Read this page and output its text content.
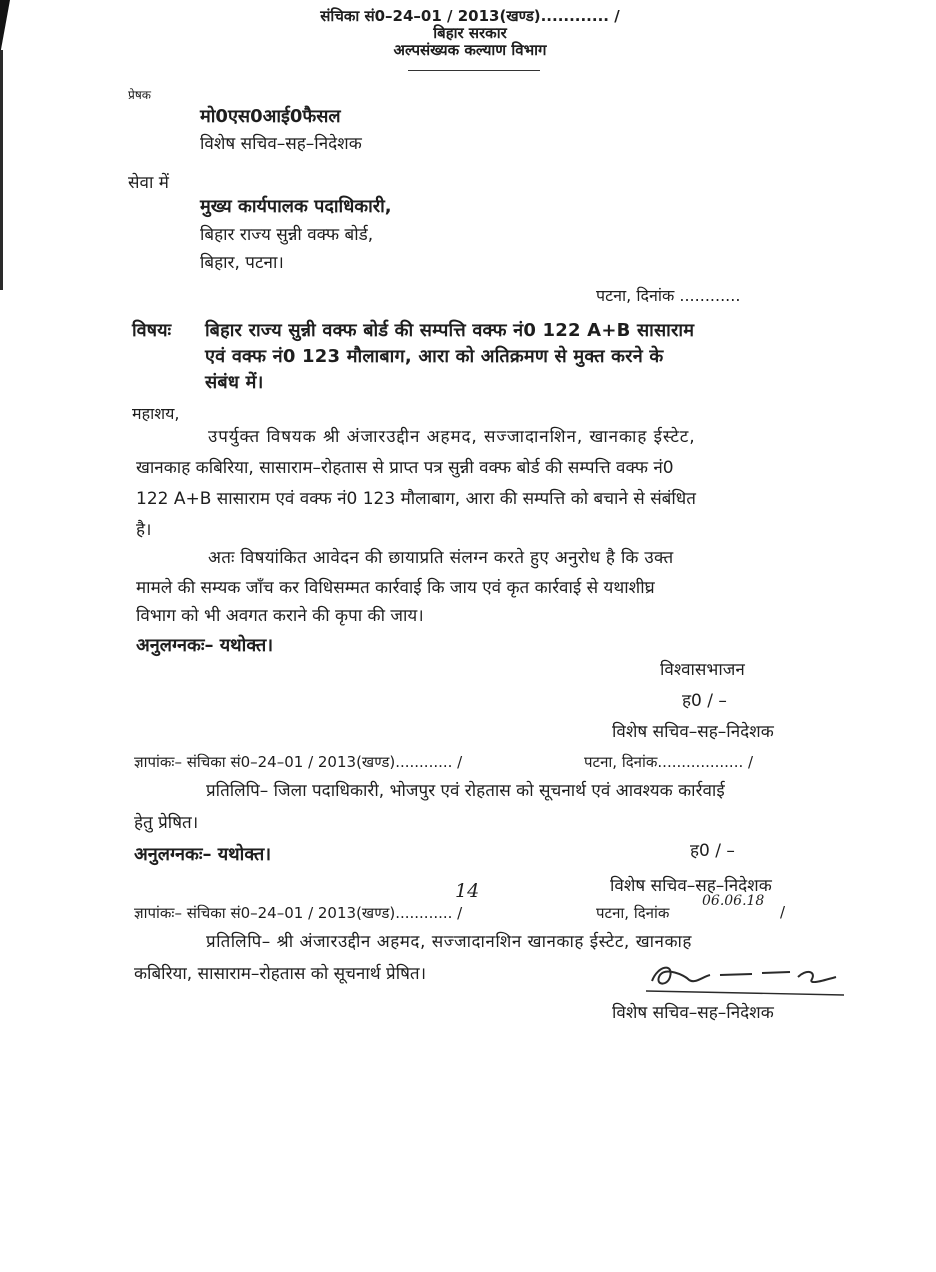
संचिका सं0–24–01 / 2013(खण्ड)............ /
बिहार सरकार
अल्पसंख्यक कल्याण विभाग
प्रेषक
मो0एस0आई0फैसल
विशेष सचिव–सह–निदेशक
सेवा में
मुख्य कार्यपालक पदाधिकारी,
बिहार राज्य सुन्नी वक्फ बोर्ड,
बिहार, पटना।
पटना, दिनांक ............
विषयः बिहार राज्य सुन्नी वक्फ बोर्ड की सम्पत्ति वक्फ नं0 122 A+B सासाराम
एवं वक्फ नं0 123 मौलाबाग, आरा को अतिक्रमण से मुक्त करने के
संबंध में।
महाशय,
उपर्युक्त विषयक श्री अंजारउद्दीन अहमद, सज्जादानशिन, खानकाह ईस्टेट,
खानकाह कबिरिया, सासाराम–रोहतास से प्राप्त पत्र सुन्नी वक्फ बोर्ड की सम्पत्ति वक्फ नं0
122 A+B सासाराम एवं वक्फ नं0 123 मौलाबाग, आरा की सम्पत्ति को बचाने से संबंधित
है।
अतः विषयांकित आवेदन की छायाप्रति संलग्न करते हुए अनुरोध है कि उक्त
मामले की सम्यक जाँच कर विधिसम्मत कार्रवाई कि जाय एवं कृत कार्रवाई से यथाशीघ्र
विभाग को भी अवगत कराने की कृपा की जाय।
अनुलग्नकः– यथोक्त।
विश्वासभाजन
ह0 / –
विशेष सचिव–सह–निदेशक
ज्ञापांकः– संचिका सं0–24–01 / 2013(खण्ड)............ /	पटना, दिनांक.................. /
प्रतिलिपि– जिला पदाधिकारी, भोजपुर एवं रोहतास को सूचनार्थ एवं आवश्यक कार्रवाई
हेतु प्रेषित।
अनुलग्नकः– यथोक्त।	ह0 / –
विशेष सचिव–सह–निदेशक
ज्ञापांकः– संचिका सं0–24–01 / 2013(खण्ड)............ /
14
पटना, दिनांक
06.06.18
/
प्रतिलिपि– श्री अंजारउद्दीन अहमद, सज्जादानशिन खानकाह ईस्टेट, खानकाह
कबिरिया, सासाराम–रोहतास को सूचनार्थ प्रेषित।
विशेष सचिव–सह–निदेशक
